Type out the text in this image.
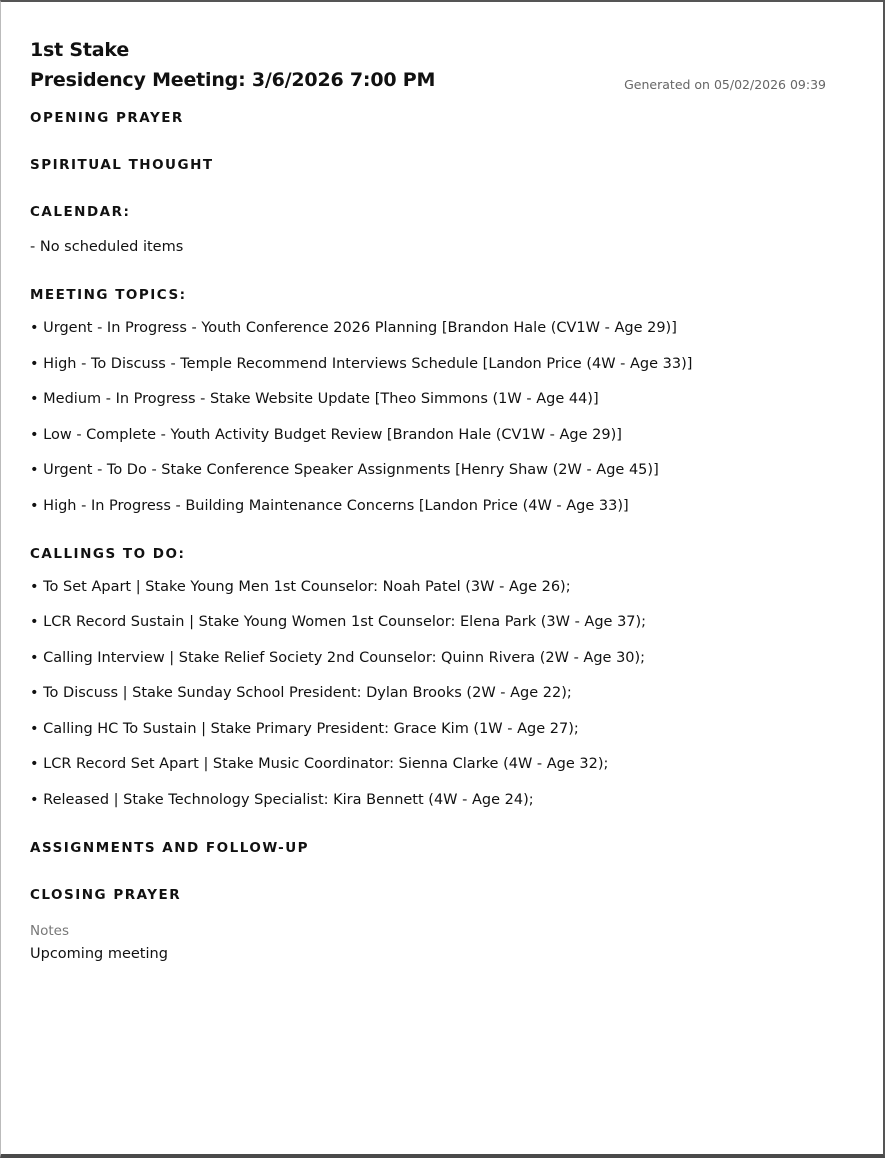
1st Stake
Presidency Meeting: 3/6/2026 7:00 PM	Generated on 05/02/2026 09:39
OPENING PRAYER
SPIRITUAL THOUGHT
CALENDAR:
- No scheduled items
MEETING TOPICS:
• Urgent - In Progress - Youth Conference 2026 Planning [Brandon Hale (CV1W - Age 29)]
• High - To Discuss - Temple Recommend Interviews Schedule [Landon Price (4W - Age 33)]
• Medium - In Progress - Stake Website Update [Theo Simmons (1W - Age 44)]
• Low - Complete - Youth Activity Budget Review [Brandon Hale (CV1W - Age 29)]
• Urgent - To Do - Stake Conference Speaker Assignments [Henry Shaw (2W - Age 45)]
• High - In Progress - Building Maintenance Concerns [Landon Price (4W - Age 33)]
CALLINGS TO DO:
• To Set Apart | Stake Young Men 1st Counselor: Noah Patel (3W - Age 26);
• LCR Record Sustain | Stake Young Women 1st Counselor: Elena Park (3W - Age 37);
• Calling Interview | Stake Relief Society 2nd Counselor: Quinn Rivera (2W - Age 30);
• To Discuss | Stake Sunday School President: Dylan Brooks (2W - Age 22);
• Calling HC To Sustain | Stake Primary President: Grace Kim (1W - Age 27);
• LCR Record Set Apart | Stake Music Coordinator: Sienna Clarke (4W - Age 32);
• Released | Stake Technology Specialist: Kira Bennett (4W - Age 24);
ASSIGNMENTS AND FOLLOW-UP
CLOSING PRAYER
Notes
Upcoming meeting
